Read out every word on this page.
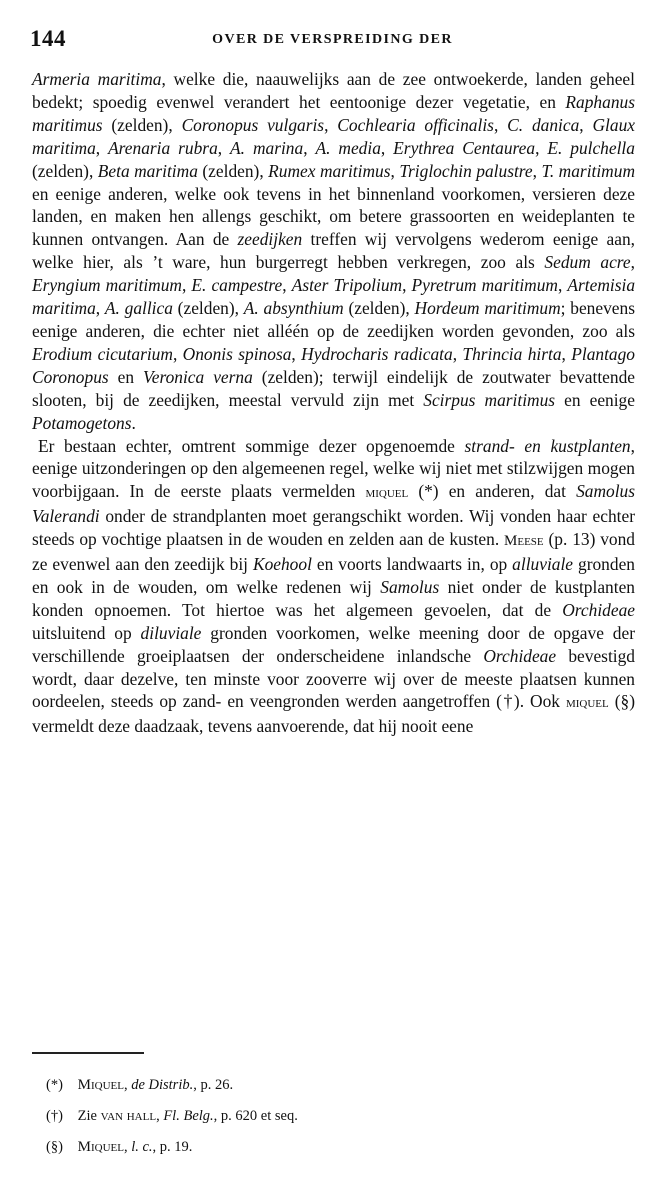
144	OVER DE VERSPREIDING DER

Armeria maritima, welke die, naauwelijks aan de zee ontwoekerde, landen geheel bedekt; spoedig evenwel verandert het eentoonige dezer vegetatie, en Raphanus maritimus (zelden), Coronopus vulgaris, Cochlearia officinalis, C. danica, Glaux maritima, Arenaria rubra, A. marina, A. media, Erythrea Centaurea, E. pulchella (zelden), Beta maritima (zelden), Rumex maritimus, Triglochin palustre, T. maritimum en eenige anderen, welke ook tevens in het binnenland voorkomen, versieren deze landen, en maken hen allengs geschikt, om betere grassoorten en weideplanten te kunnen ontvangen. Aan de zeedijken treffen wij vervolgens wederom eenige aan, welke hier, als ’t ware, hun burgerregt hebben verkregen, zoo als Sedum acre, Eryngium maritimum, E. campestre, Aster Tripolium, Pyretrum maritimum, Artemisia maritima, A. gallica (zelden), A. absynthium (zelden), Hordeum maritimum; benevens eenige anderen, die echter niet alléén op de zeedijken worden gevonden, zoo als Erodium cicutarium, Ononis spinosa, Hydrocharis radicata, Thrincia hirta, Plantago Coronopus en Veronica verna (zelden); terwijl eindelijk de zoutwater bevattende slooten, bij de zeedijken, meestal vervuld zijn met Scirpus maritimus en eenige Potamogetons.

Er bestaan echter, omtrent sommige dezer opgenoemde strand- en kustplanten, eenige uitzonderingen op den algemeenen regel, welke wij niet met stilzwijgen mogen voorbijgaan. In de eerste plaats vermelden miquel (*) en anderen, dat Samolus Valerandi onder de strandplanten moet gerangschikt worden. Wij vonden haar echter steeds op vochtige plaatsen in de wouden en zelden aan de kusten. Meese (p. 13) vond ze evenwel aan den zeedijk bij Koehool en voorts landwaarts in, op alluviale gronden en ook in de wouden, om welke redenen wij Samolus niet onder de kustplanten konden opnoemen. Tot hiertoe was het algemeen gevoelen, dat de Orchideae uitsluitend op diluviale gronden voorkomen, welke meening door de opgave der verschillende groeiplaatsen der onderscheidene inlandsche Orchideae bevestigd wordt, daar dezelve, ten minste voor zooverre wij over de meeste plaatsen kunnen oordeelen, steeds op zand- en veengronden werden aangetroffen (†). Ook miquel (§) vermeldt deze daadzaak, tevens aanvoerende, dat hij nooit eene

(*) Miquel, de Distrib., p. 26.
(†) Zie van hall, Fl. Belg., p. 620 et seq.
(§) Miquel, l. c., p. 19.
